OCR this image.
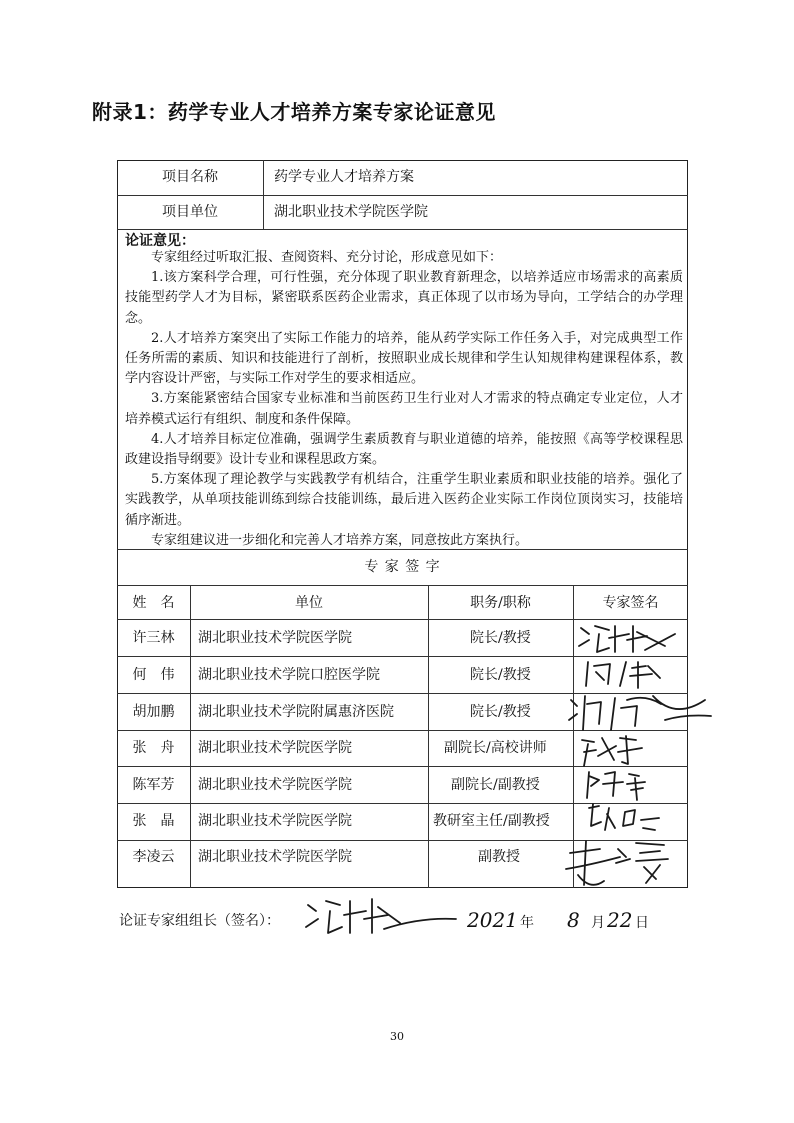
附录1：药学专业人才培养方案专家论证意见
项目名称	药学专业人才培养方案
项目单位	湖北职业技术学院医学院
论证意见：

专家组经过听取汇报、查阅资料、充分讨论，形成意见如下：

1.该方案科学合理，可行性强，充分体现了职业教育新理念，以培养适应市场需求的高素质技能型药学人才为目标，紧密联系医药企业需求，真正体现了以市场为导向，工学结合的办学理念。

2.人才培养方案突出了实际工作能力的培养，能从药学实际工作任务入手，对完成典型工作任务所需的素质、知识和技能进行了剖析，按照职业成长规律和学生认知规律构建课程体系，教学内容设计严密，与实际工作对学生的要求相适应。

3.方案能紧密结合国家专业标准和当前医药卫生行业对人才需求的特点确定专业定位，人才培养模式运行有组织、制度和条件保障。

4.人才培养目标定位准确，强调学生素质教育与职业道德的培养，能按照《高等学校课程思政建设指导纲要》设计专业和课程思政方案。

5.方案体现了理论教学与实践教学有机结合，注重学生职业素质和职业技能的培养。强化了实践教学，从单项技能训练到综合技能训练，最后进入医药企业实际工作岗位顶岗实习，技能培循序渐进。

专家组建议进一步细化和完善人才培养方案，同意按此方案执行。

专 家 签 字
姓　名	单位	职务/职称	专家签名
许三林	湖北职业技术学院医学院	院长/教授
何　伟	湖北职业技术学院口腔医学院	院长/教授
胡加鹏	湖北职业技术学院附属惠济医院	院长/教授
张　舟	湖北职业技术学院医学院	副院长/高校讲师
陈军芳	湖北职业技术学院医学院	副院长/副教授
张　晶	湖北职业技术学院医学院	教研室主任/副教授
李凌云	湖北职业技术学院医学院	副教授
论证专家组组长（签名）：	2021 年 8 月 22 日
30
